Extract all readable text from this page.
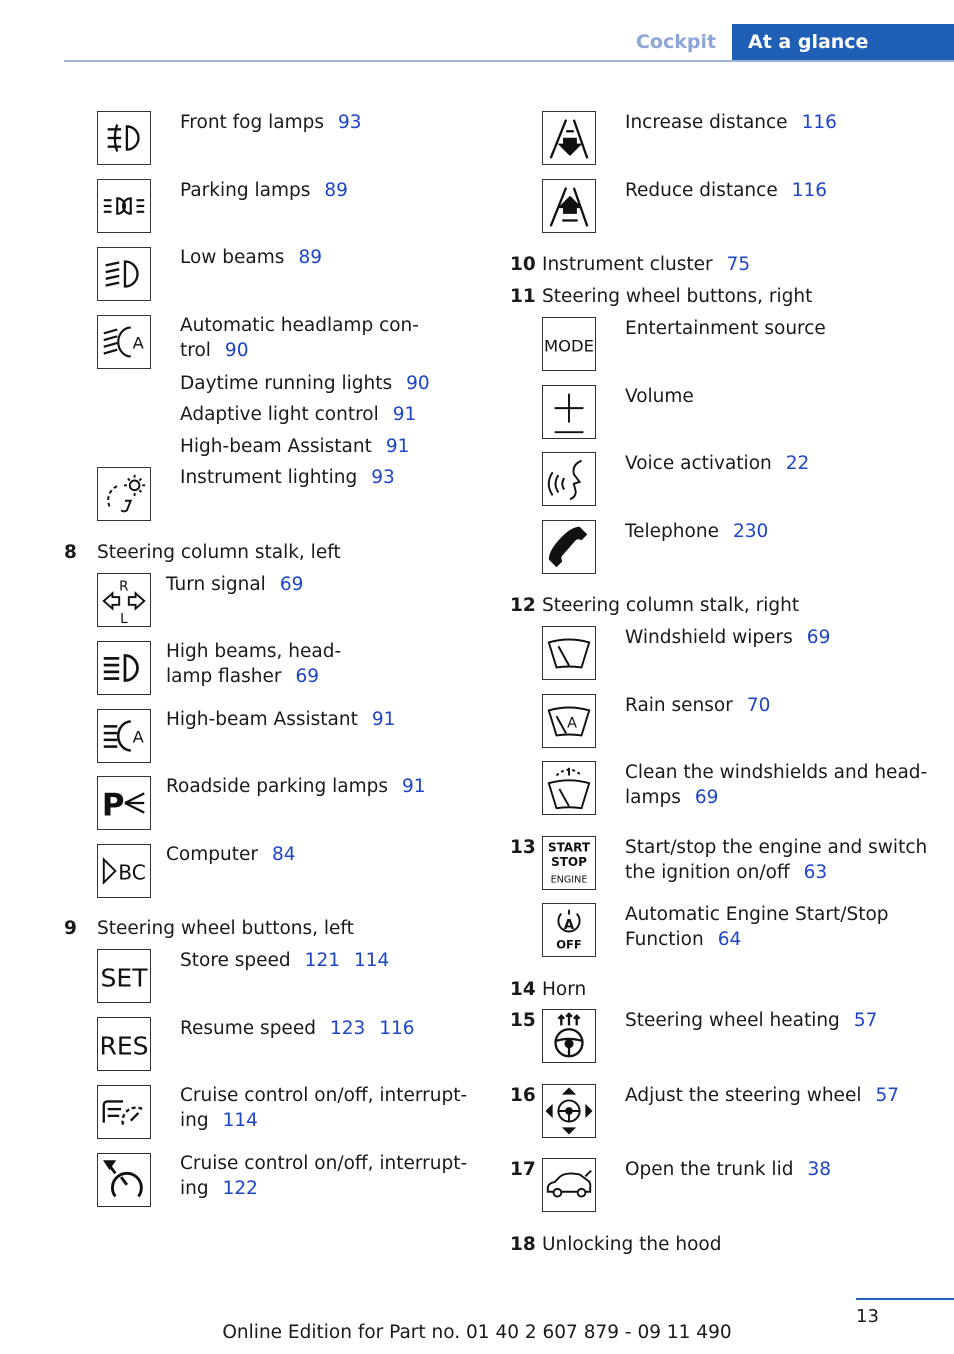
Cockpit	At a glance
Front fog lamps 93
Parking lamps 89
Low beams 89
A
Automatic headlamp con-
trol 90
Daytime running lights 90
Adaptive light control 91
High-beam Assistant 91
Instrument lighting 93
8 Steering column stalk, left
R
L
Turn signal 69
High beams, head-
lamp flasher 69
A
High-beam Assistant 91
P
Roadside parking lamps 91
BC
Computer 84
9 Steering wheel buttons, left
SET
Store speed 121 114
RES
Resume speed 123 116
Cruise control on/off, interrupt-
ing 114
Cruise control on/off, interrupt-
ing 122
Increase distance 116
Reduce distance 116
10 Instrument cluster 75
11 Steering wheel buttons, right
MODE
Entertainment source
Volume
Voice activation 22
Telephone 230
12 Steering column stalk, right
Windshield wipers 69
A
Rain sensor 70
Clean the windshields and head-
lamps 69
13 START
STOP
ENGINE
Start/stop the engine and switch
the ignition on/off 63
A
OFF
Automatic Engine Start/Stop
Function 64
14 Horn
15	Steering wheel heating 57
16	Adjust the steering wheel 57
17	Open the trunk lid 38
18 Unlocking the hood
13
Online Edition for Part no. 01 40 2 607 879 - 09 11 490
